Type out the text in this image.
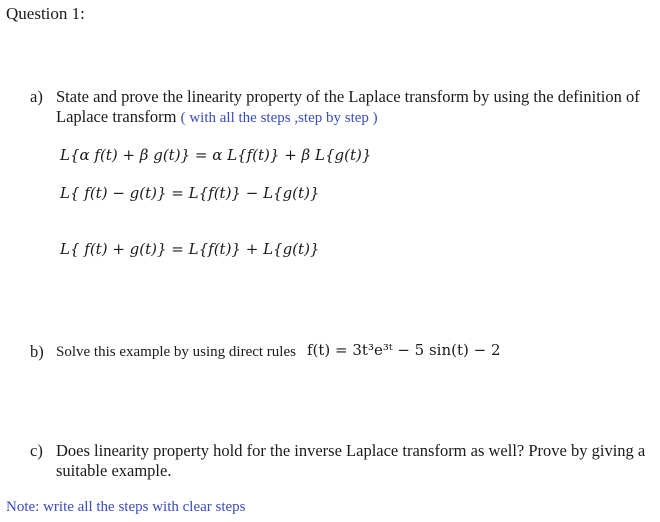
Question 1:
a) State and prove the linearity property of the Laplace transform by using the definition of
Laplace transform ( with all the steps ,step by step )
L{α f(t) + β g(t)} = α L{f(t)} + β L{g(t)}
L{ f(t) − g(t)} = L{f(t)} − L{g(t)}
L{ f(t) + g(t)} = L{f(t)} + L{g(t)}
b) Solve this example by using direct rules f(t) = 3t³e³ᵗ − 5 sin(t) − 2
c) Does linearity property hold for the inverse Laplace transform as well? Prove by giving a
suitable example.
Note: write all the steps with clear steps
